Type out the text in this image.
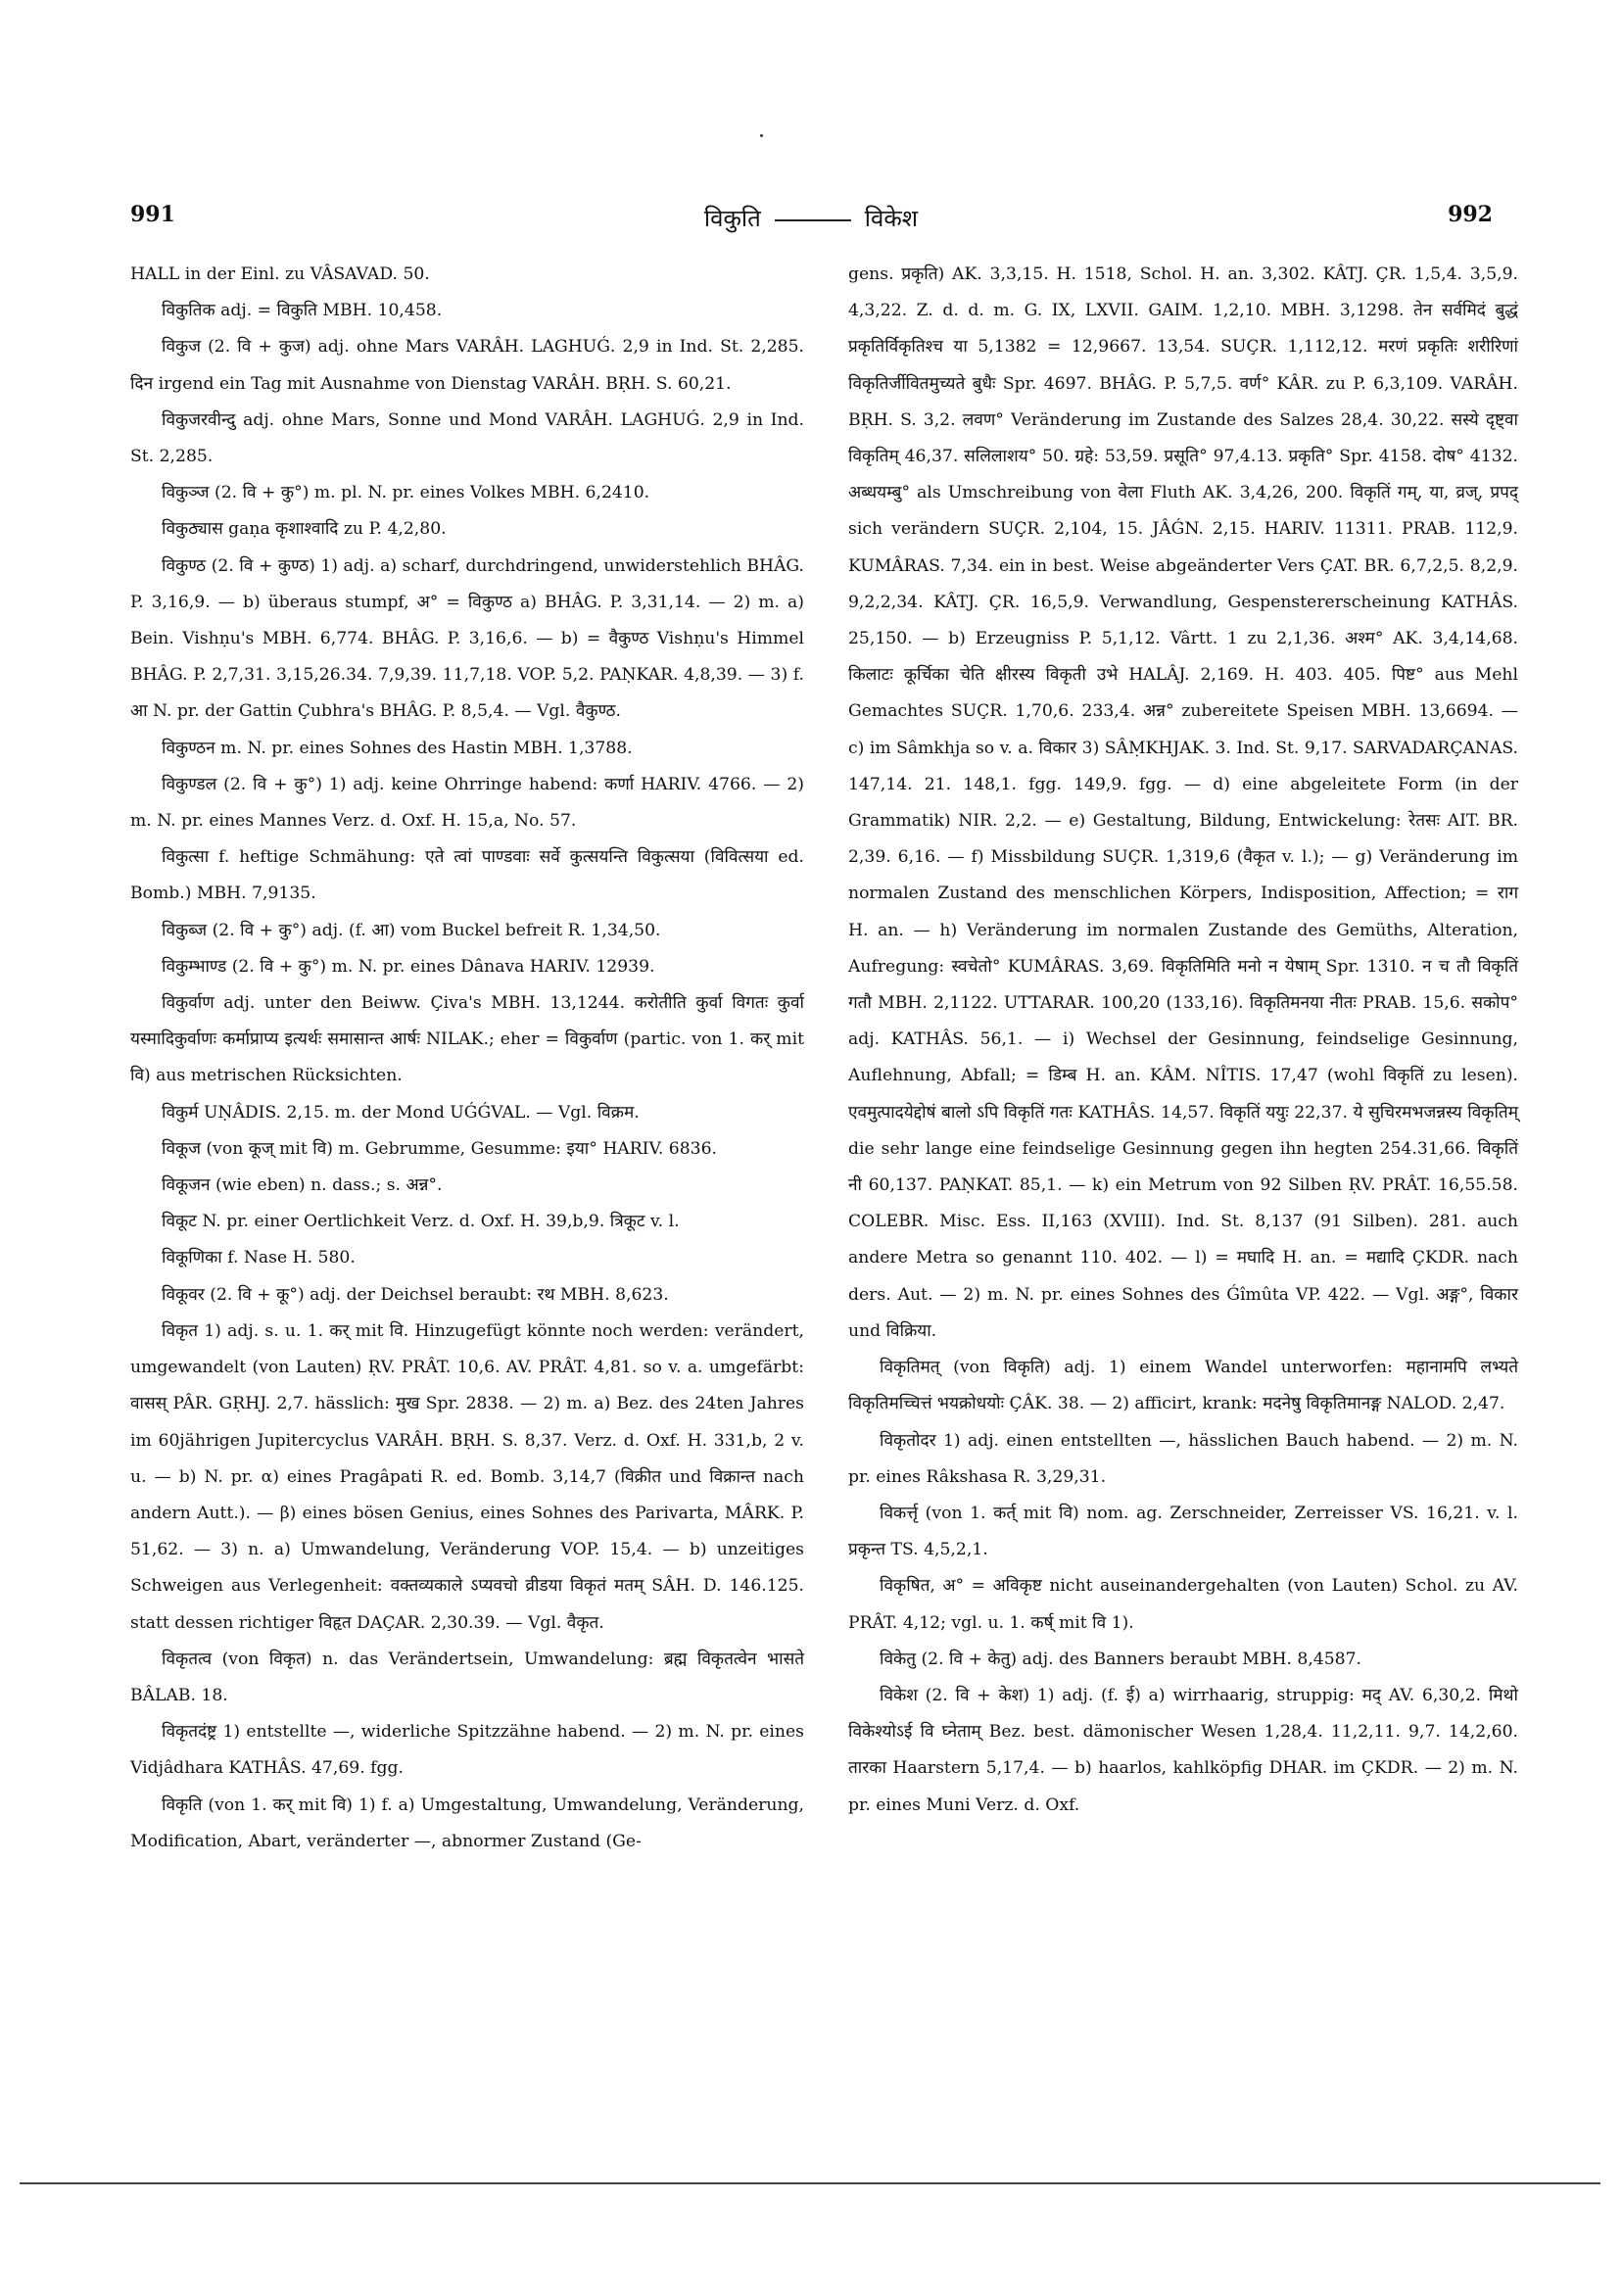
991	विकुति	विकेश	992

HALL in der Einl. zu VÂSAVAD. 50.

विकुतिक adj. = विकुति MBH. 10,458.

विकुज (2. वि + कुज) adj. ohne Mars VARÂH. LAGHUǴ. 2,9 in Ind. St. 2,285. दिन irgend ein Tag mit Ausnahme von Dienstag VARÂH. BṚH. S. 60,21.

विकुजरवीन्दु adj. ohne Mars, Sonne und Mond VARÂH. LAGHUǴ. 2,9 in Ind. St. 2,285.

विकुञ्ज (2. वि + कु°) m. pl. N. pr. eines Volkes MBH. 6,2410.

विकुठ्यास gaṇa कृशाश्वादि zu P. 4,2,80.

विकुण्ठ (2. वि + कुण्ठ) 1) adj. a) scharf, durchdringend, unwiderstehlich BHÂG. P. 3,16,9. — b) überaus stumpf, अ° = विकुण्ठ a) BHÂG. P. 3,31,14. — 2) m. a) Bein. Vishṇu's MBH. 6,774. BHÂG. P. 3,16,6. — b) = वैकुण्ठ Vishṇu's Himmel BHÂG. P. 2,7,31. 3,15,26.34. 7,9,39. 11,7,18. VOP. 5,2. PAṆKAR. 4,8,39. — 3) f. आ N. pr. der Gattin Çubhra's BHÂG. P. 8,5,4. — Vgl. वैकुण्ठ.

विकुण्ठन m. N. pr. eines Sohnes des Hastin MBH. 1,3788.

विकुण्डल (2. वि + कु°) 1) adj. keine Ohrringe habend: कर्णा HARIV. 4766. — 2) m. N. pr. eines Mannes Verz. d. Oxf. H. 15,a, No. 57.

विकुत्सा f. heftige Schmähung: एते त्वां पाण्डवाः सर्वे कुत्सयन्ति विकुत्सया (विवित्सया ed. Bomb.) MBH. 7,9135.

विकुब्ज (2. वि + कु°) adj. (f. आ) vom Buckel befreit R. 1,34,50.

विकुम्भाण्ड (2. वि + कु°) m. N. pr. eines Dânava HARIV. 12939.

विकुर्वाण adj. unter den Beiww. Çiva's MBH. 13,1244. करोतीति कुर्वा विगतः कुर्वा यस्मादिकुर्वाणः कर्माप्राप्य इत्यर्थः समासान्त आर्षः NILAK.; eher = विकुर्वाण (partic. von 1. कर् mit वि) aus metrischen Rücksichten.

विकुर्म UṆÂDIS. 2,15. m. der Mond UǴǴVAL. — Vgl. विक्रम.

विकूज (von कूज् mit वि) m. Gebrumme, Gesumme: इया° HARIV. 6836.

विकूजन (wie eben) n. dass.; s. अन्न°.

विकूट N. pr. einer Oertlichkeit Verz. d. Oxf. H. 39,b,9. त्रिकूट v. l.

विकूणिका f. Nase H. 580.

विकूवर (2. वि + कू°) adj. der Deichsel beraubt: रथ MBH. 8,623.

विकृत 1) adj. s. u. 1. कर् mit वि. Hinzugefügt könnte noch werden: verändert, umgewandelt (von Lauten) ṚV. PRÂT. 10,6. AV. PRÂT. 4,81. so v. a. umgefärbt: वासस् PÂR. GṚHJ. 2,7. hässlich: मुख Spr. 2838. — 2) m. a) Bez. des 24ten Jahres im 60jährigen Jupitercyclus VARÂH. BṚH. S. 8,37. Verz. d. Oxf. H. 331,b, 2 v. u. — b) N. pr. α) eines Pragâpati R. ed. Bomb. 3,14,7 (विक्रीत und विक्रान्त nach andern Autt.). — β) eines bösen Genius, eines Sohnes des Parivarta, MÂRK. P. 51,62. — 3) n. a) Umwandelung, Veränderung VOP. 15,4. — b) unzeitiges Schweigen aus Verlegenheit: वक्तव्यकाले ऽप्यवचो व्रीडया विकृतं मतम् SÂH. D. 146.125. statt dessen richtiger विहृत DAÇAR. 2,30.39. — Vgl. वैकृत.

विकृतत्व (von विकृत) n. das Verändertsein, Umwandelung: ब्रह्म विकृतत्वेन भासते BÂLAB. 18.

विकृतदंष्ट्र 1) entstellte —, widerliche Spitzzähne habend. — 2) m. N. pr. eines Vidjâdhara KATHÂS. 47,69. fgg.

विकृति (von 1. कर् mit वि) 1) f. a) Umgestaltung, Umwandelung, Veränderung, Modification, Abart, veränderter —, abnormer Zustand (Ge-

gens. प्रकृति) AK. 3,3,15. H. 1518, Schol. H. an. 3,302. KÂTJ. ÇR. 1,5,4. 3,5,9. 4,3,22. Z. d. d. m. G. IX, LXVII. GAIM. 1,2,10. MBH. 3,1298. तेन सर्वमिदं बुद्धं प्रकृतिर्विकृतिश्च या 5,1382 = 12,9667. 13,54. SUÇR. 1,112,12. मरणं प्रकृतिः शरीरिणां विकृतिर्जीवितमुच्यते बुधैः Spr. 4697. BHÂG. P. 5,7,5. वर्ण° KÂR. zu P. 6,3,109. VARÂH. BṚH. S. 3,2. लवण° Veränderung im Zustande des Salzes 28,4. 30,22. सस्ये दृष्ट्वा विकृतिम् 46,37. सलिलाशय° 50. ग्रहे: 53,59. प्रसूति° 97,4.13. प्रकृति° Spr. 4158. दोष° 4132. अब्धयम्बु° als Umschreibung von वेला Fluth AK. 3,4,26, 200. विकृतिं गम्, या, व्रज्, प्रपद् sich verändern SUÇR. 2,104, 15. JÂǴN. 2,15. HARIV. 11311. PRAB. 112,9. KUMÂRAS. 7,34. ein in best. Weise abgeänderter Vers ÇAT. BR. 6,7,2,5. 8,2,9. 9,2,2,34. KÂTJ. ÇR. 16,5,9. Verwandlung, Gespenstererscheinung KATHÂS. 25,150. — b) Erzeugniss P. 5,1,12. Vârtt. 1 zu 2,1,36. अश्म° AK. 3,4,14,68. किलाटः कूर्चिका चेति क्षीरस्य विकृती उभे HALÂJ. 2,169. H. 403. 405. पिष्ट° aus Mehl Gemachtes SUÇR. 1,70,6. 233,4. अन्न° zubereitete Speisen MBH. 13,6694. — c) im Sâmkhja so v. a. विकार 3) SÂṂKHJAK. 3. Ind. St. 9,17. SARVADARÇANAS. 147,14. 21. 148,1. fgg. 149,9. fgg. — d) eine abgeleitete Form (in der Grammatik) NIR. 2,2. — e) Gestaltung, Bildung, Entwickelung: रेतसः AIT. BR. 2,39. 6,16. — f) Missbildung SUÇR. 1,319,6 (वैकृत v. l.); — g) Veränderung im normalen Zustand des menschlichen Körpers, Indisposition, Affection; = राग H. an. — h) Veränderung im normalen Zustande des Gemüths, Alteration, Aufregung: स्वचेतो° KUMÂRAS. 3,69. विकृतिमिति मनो न येषाम् Spr. 1310. न च तौ विकृतिं गतौ MBH. 2,1122. UTTARAR. 100,20 (133,16). विकृतिमनया नीतः PRAB. 15,6. सकोप° adj. KATHÂS. 56,1. — i) Wechsel der Gesinnung, feindselige Gesinnung, Auflehnung, Abfall; = डिम्ब H. an. KÂM. NÎTIS. 17,47 (wohl विकृतिं zu lesen). एवमुत्पादयेद्दोषं बालो ऽपि विकृतिं गतः KATHÂS. 14,57. विकृतिं ययुः 22,37. ये सुचिरमभजन्नस्य विकृतिम् die sehr lange eine feindselige Gesinnung gegen ihn hegten 254.31,66. विकृतिं नी 60,137. PAṆKAT. 85,1. — k) ein Metrum von 92 Silben ṚV. PRÂT. 16,55.58. COLEBR. Misc. Ess. II,163 (XVIII). Ind. St. 8,137 (91 Silben). 281. auch andere Metra so genannt 110. 402. — l) = मघादि H. an. = मद्यादि ÇKDR. nach ders. Aut. — 2) m. N. pr. eines Sohnes des Ǵîmûta VP. 422. — Vgl. अङ्ग°, विकार und विक्रिया.

विकृतिमत् (von विकृति) adj. 1) einem Wandel unterworfen: महानामपि लभ्यते विकृतिमच्चित्तं भयक्रोधयोः ÇÂK. 38. — 2) afficirt, krank: मदनेषु विकृतिमानङ्ग NALOD. 2,47.

विकृतोदर 1) adj. einen entstellten —, hässlichen Bauch habend. — 2) m. N. pr. eines Râkshasa R. 3,29,31.

विकर्त्तृ (von 1. कर्त् mit वि) nom. ag. Zerschneider, Zerreisser VS. 16,21. v. l. प्रकृन्त TS. 4,5,2,1.

विकृषित, अ° = अविकृष्ट nicht auseinandergehalten (von Lauten) Schol. zu AV. PRÂT. 4,12; vgl. u. 1. कर्ष् mit वि 1).

विकेतु (2. वि + केतु) adj. des Banners beraubt MBH. 8,4587.

विकेश (2. वि + केश) 1) adj. (f. ई) a) wirrhaarig, struppig: मद् AV. 6,30,2. मिथो विकेश्योऽई वि घ्नेताम् Bez. best. dämonischer Wesen 1,28,4. 11,2,11. 9,7. 14,2,60. तारका Haarstern 5,17,4. — b) haarlos, kahlköpfig DHAR. im ÇKDR. — 2) m. N. pr. eines Muni Verz. d. Oxf.
